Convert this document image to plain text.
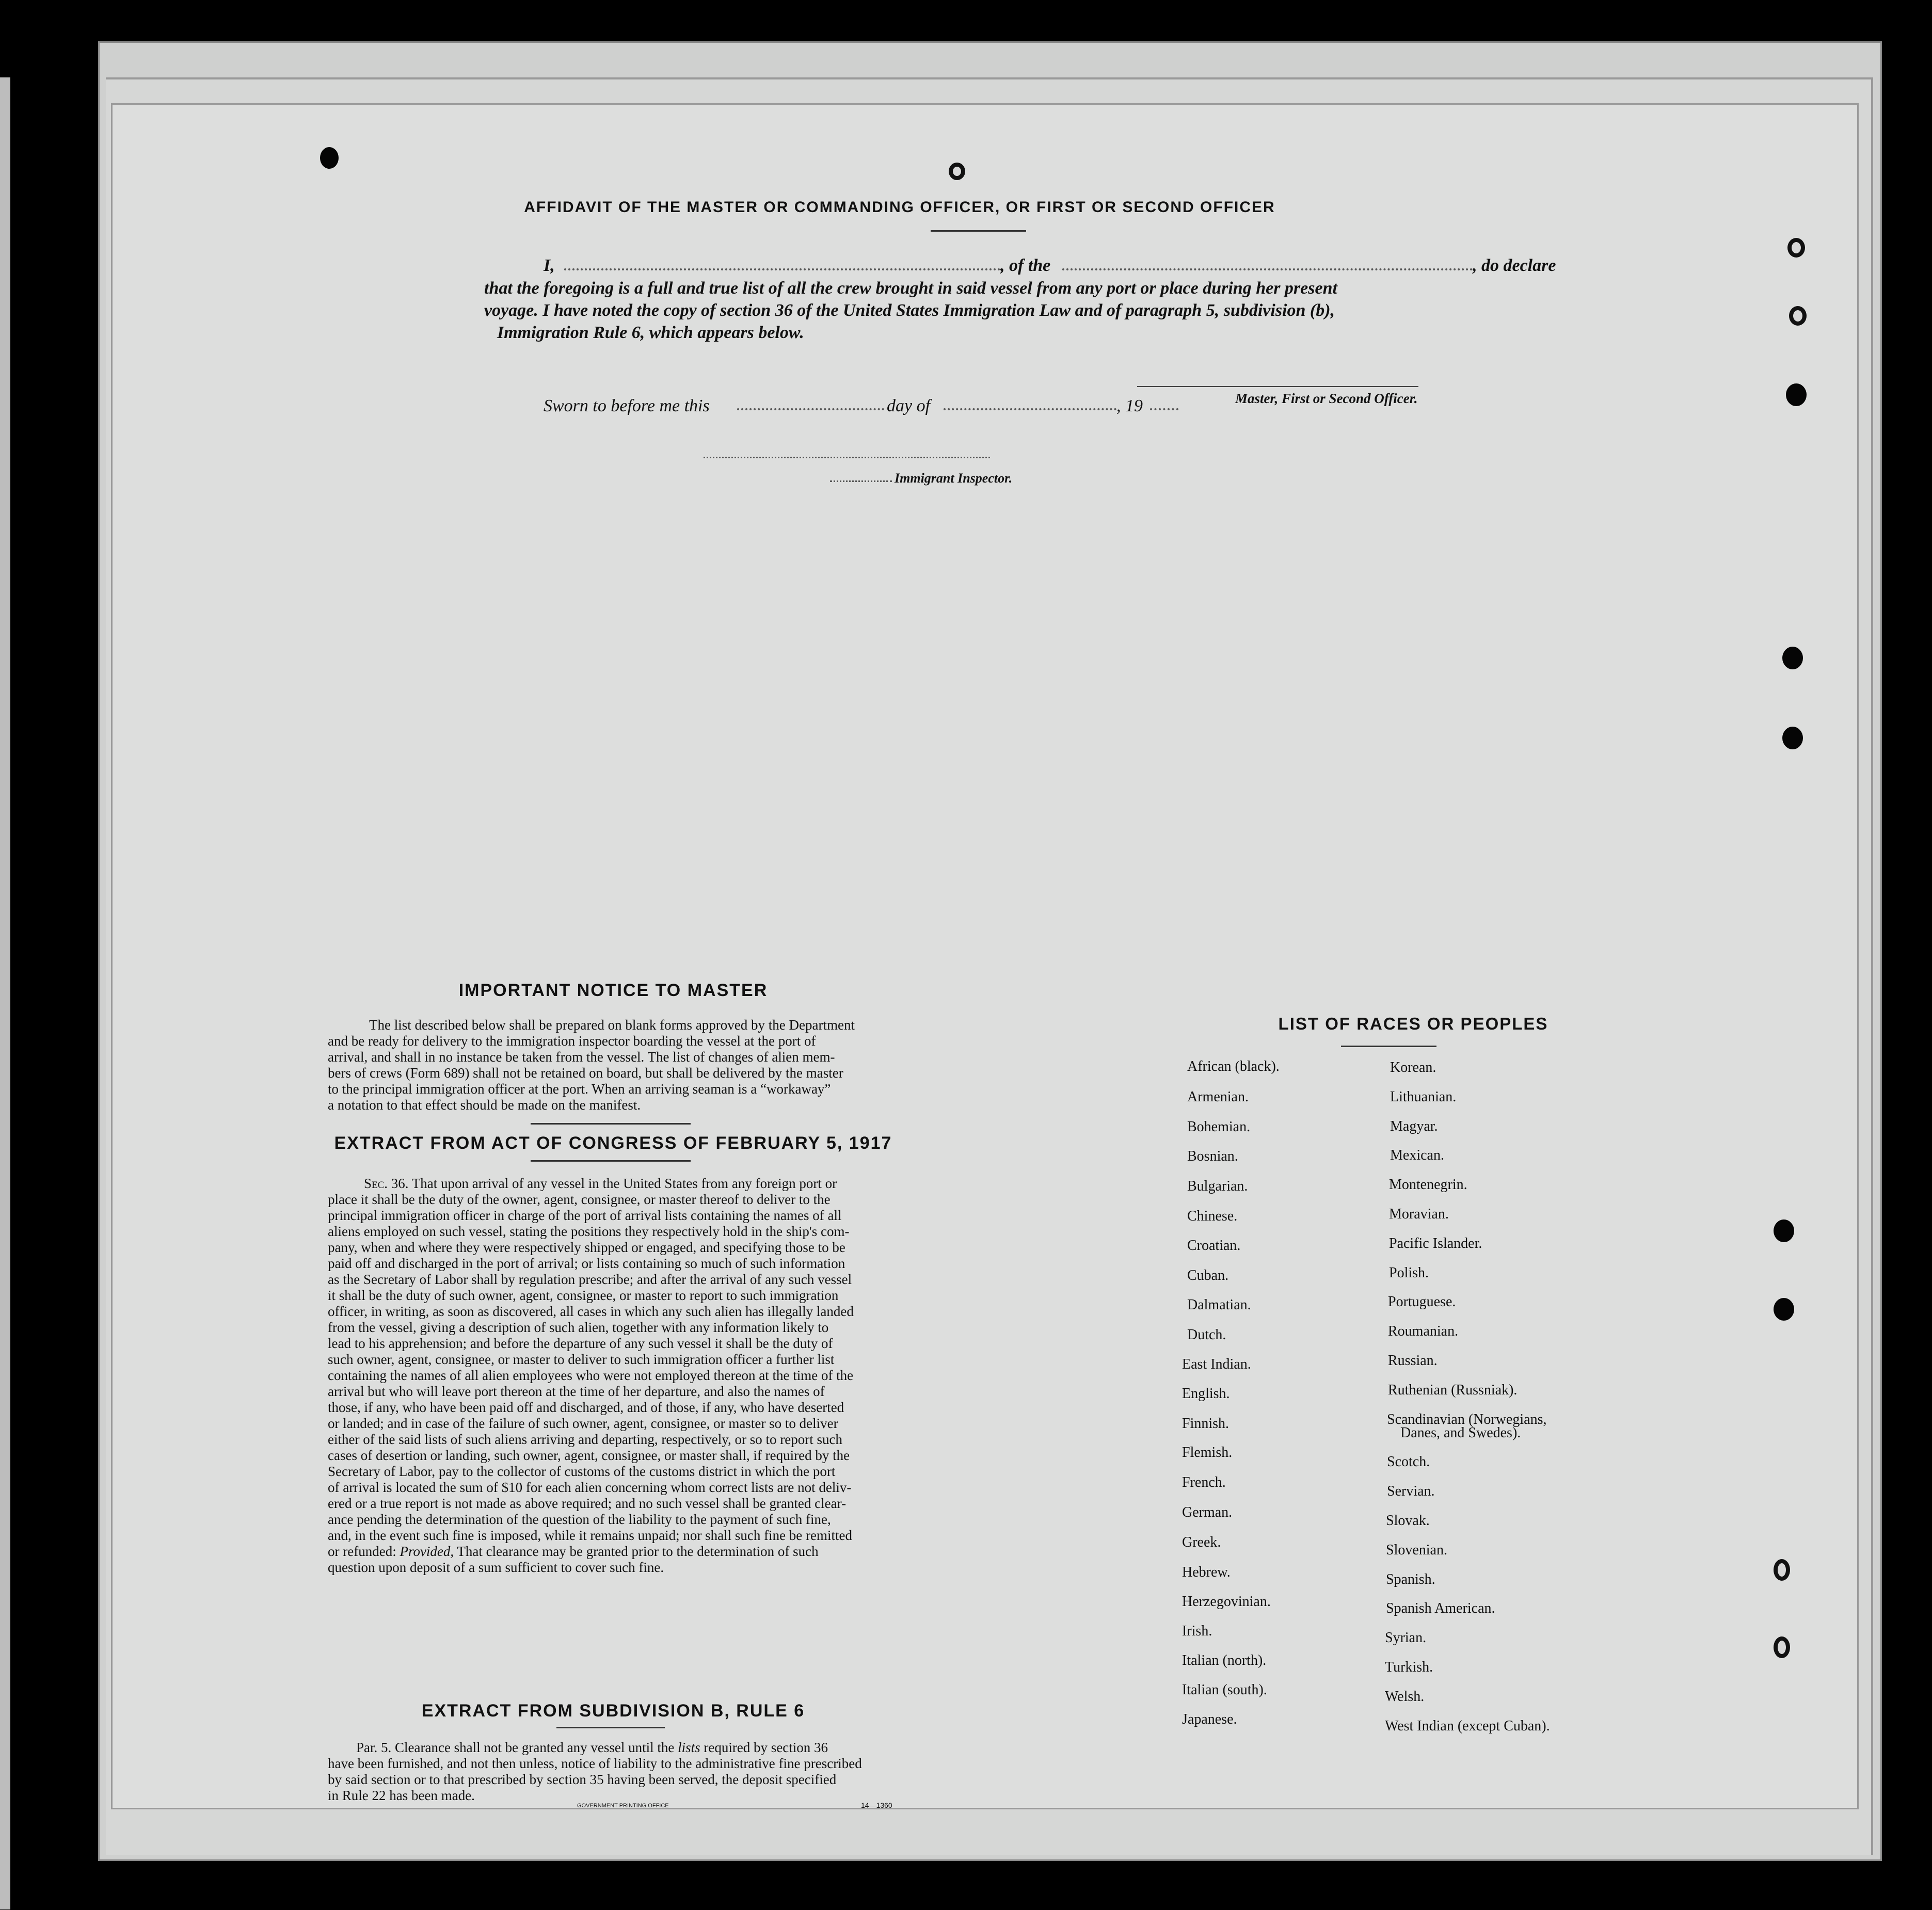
AFFIDAVIT OF THE MASTER OR COMMANDING OFFICER, OR FIRST OR SECOND OFFICER
I,	, of the	, do declare
that the foregoing is a full and true list of all the crew brought in said vessel from any port or place during her present
voyage. I have noted the copy of section 36 of the United States Immigration Law and of paragraph 5, subdivision (b),
Immigration Rule 6, which appears below.
Master, First or Second Officer.
Sworn to before me this	day of	, 19
Immigrant Inspector.
IMPORTANT NOTICE TO MASTER
The list described below shall be prepared on blank forms approved by the Department
and be ready for delivery to the immigration inspector boarding the vessel at the port of
arrival, and shall in no instance be taken from the vessel. The list of changes of alien mem-
bers of crews (Form 689) shall not be retained on board, but shall be delivered by the master
to the principal immigration officer at the port. When an arriving seaman is a “workaway”
a notation to that effect should be made on the manifest.
EXTRACT FROM ACT OF CONGRESS OF FEBRUARY 5, 1917
Sec. 36. That upon arrival of any vessel in the United States from any foreign port or
place it shall be the duty of the owner, agent, consignee, or master thereof to deliver to the
principal immigration officer in charge of the port of arrival lists containing the names of all
aliens employed on such vessel, stating the positions they respectively hold in the ship's com-
pany, when and where they were respectively shipped or engaged, and specifying those to be
paid off and discharged in the port of arrival; or lists containing so much of such information
as the Secretary of Labor shall by regulation prescribe; and after the arrival of any such vessel
it shall be the duty of such owner, agent, consignee, or master to report to such immigration
officer, in writing, as soon as discovered, all cases in which any such alien has illegally landed
from the vessel, giving a description of such alien, together with any information likely to
lead to his apprehension; and before the departure of any such vessel it shall be the duty of
such owner, agent, consignee, or master to deliver to such immigration officer a further list
containing the names of all alien employees who were not employed thereon at the time of the
arrival but who will leave port thereon at the time of her departure, and also the names of
those, if any, who have been paid off and discharged, and of those, if any, who have deserted
or landed; and in case of the failure of such owner, agent, consignee, or master so to deliver
either of the said lists of such aliens arriving and departing, respectively, or so to report such
cases of desertion or landing, such owner, agent, consignee, or master shall, if required by the
Secretary of Labor, pay to the collector of customs of the customs district in which the port
of arrival is located the sum of $10 for each alien concerning whom correct lists are not deliv-
ered or a true report is not made as above required; and no such vessel shall be granted clear-
ance pending the determination of the question of the liability to the payment of such fine,
and, in the event such fine is imposed, while it remains unpaid; nor shall such fine be remitted
or refunded: Provided, That clearance may be granted prior to the determination of such
question upon deposit of a sum sufficient to cover such fine.
EXTRACT FROM SUBDIVISION B, RULE 6
Par. 5. Clearance shall not be granted any vessel until the lists required by section 36
have been furnished, and not then unless, notice of liability to the administrative fine prescribed
by said section or to that prescribed by section 35 having been served, the deposit specified
in Rule 22 has been made.
GOVERNMENT PRINTING OFFICE	14—1360
LIST OF RACES OR PEOPLES
African (black).
Armenian.
Bohemian.
Bosnian.
Bulgarian.
Chinese.
Croatian.
Cuban.
Dalmatian.
Dutch.
East Indian.
English.
Finnish.
Flemish.
French.
German.
Greek.
Hebrew.
Herzegovinian.
Irish.
Italian (north).
Italian (south).
Japanese.
Korean.
Lithuanian.
Magyar.
Mexican.
Montenegrin.
Moravian.
Pacific Islander.
Polish.
Portuguese.
Roumanian.
Russian.
Ruthenian (Russniak).
Scandinavian (Norwegians,
Danes, and Swedes).
Scotch.
Servian.
Slovak.
Slovenian.
Spanish.
Spanish American.
Syrian.
Turkish.
Welsh.
West Indian (except Cuban).
